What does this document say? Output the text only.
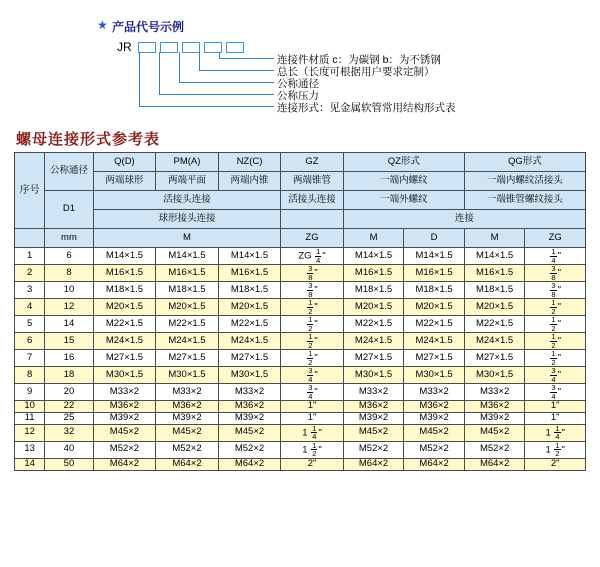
★ 产品代号示例
JR
连接件材质 c：为碳钢 b：为不锈钢
总长（长度可根据用户要求定制）
公称通径
公称压力
连接形式：见金属软管常用结构形式表
螺母连接形式参考表
序号	公称通径	Q(D)	PM(A)	NZ(C)	GZ	QZ形式		QG形式	
		两端球形	两端平面	两端内锥	两端锥管	一端内螺纹		一端内螺纹活接头	
	D1	活接头连接			活接头连接	一端外螺纹		一端锥管螺纹接头	
		球形接头连接				连接			
	mm	M			ZG	M	D	M	ZG
1	6	M14×1.5	M14×1.5	M14×1.5	ZG $\frac{1}{4}$ "	M14×1.5	M14×1.5	M14×1.5	$\frac{1}{4}$ "
2	8	M16×1.5	M16×1.5	M16×1.5	$\frac{3}{8}$ "	M16×1.5	M16×1.5	M16×1.5	$\frac{3}{8}$ "
3	10	M18×1.5	M18×1.5	M18×1.5	$\frac{3}{8}$ "	M18×1.5	M18×1.5	M18×1.5	$\frac{3}{8}$ "
4	12	M20×1.5	M20×1.5	M20×1.5	$\frac{1}{2}$ "	M20×1.5	M20×1.5	M20×1.5	$\frac{1}{2}$ "
5	14	M22×1.5	M22×1.5	M22×1.5	$\frac{1}{2}$ "	M22×1.5	M22×1.5	M22×1.5	$\frac{1}{2}$ "
6	15	M24×1.5	M24×1.5	M24×1.5	$\frac{1}{2}$ "	M24×1.5	M24×1.5	M24×1.5	$\frac{1}{2}$ "
7	16	M27×1.5	M27×1.5	M27×1.5	$\frac{1}{2}$ "	M27×1.5	M27×1.5	M27×1.5	$\frac{1}{2}$ "
8	18	M30×1.5	M30×1.5	M30×1.5	$\frac{3}{4}$ "	M30×1.5	M30×1.5	M30×1.5	$\frac{3}{4}$ "
9	20	M33×2	M33×2	M33×2	$\frac{3}{4}$ "	M33×2	M33×2	M33×2	$\frac{3}{4}$ "
10	22	M36×2	M36×2	M36×2	1"	M36×2	M36×2	M36×2	1"
11	25	M39×2	M39×2	M39×2	1"	M39×2	M39×2	M39×2	1"
12	32	M45×2	M45×2	M45×2	$1 \frac{1}{4}$ "	M45×2	M45×2	M45×2	$1 \frac{1}{4}$ "
13	40	M52×2	M52×2	M52×2	$1 \frac{1}{2}$ "	M52×2	M52×2	M52×2	$1 \frac{1}{2}$ "
14	50	M64×2	M64×2	M64×2	2"	M64×2	M64×2	M64×2	2"
